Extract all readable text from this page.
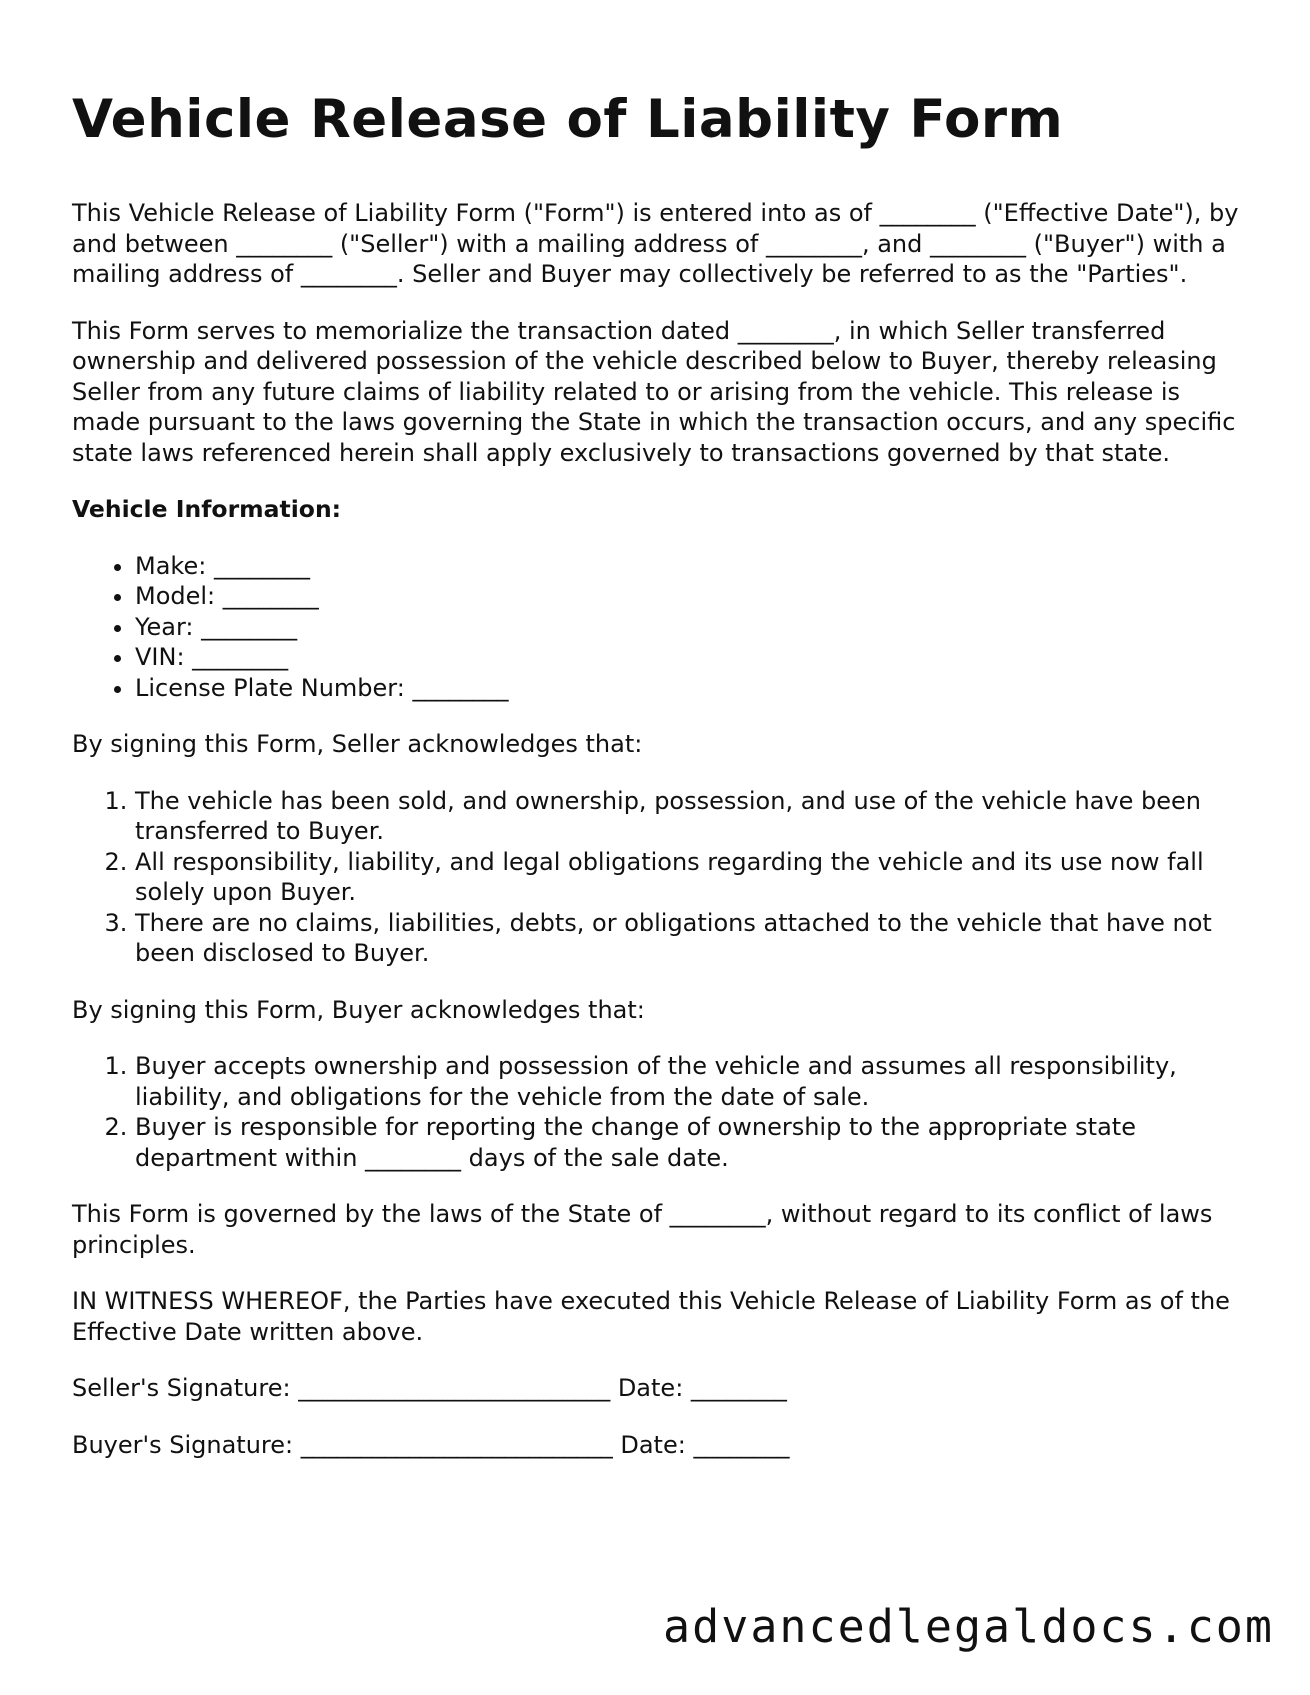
Vehicle Release of Liability Form

This Vehicle Release of Liability Form ("Form") is entered into as of ________ ("Effective Date"), by and between ________ ("Seller") with a mailing address of ________, and ________ ("Buyer") with a mailing address of ________. Seller and Buyer may collectively be referred to as the "Parties".

This Form serves to memorialize the transaction dated ________, in which Seller transferred ownership and delivered possession of the vehicle described below to Buyer, thereby releasing Seller from any future claims of liability related to or arising from the vehicle. This release is made pursuant to the laws governing the State in which the transaction occurs, and any specific state laws referenced herein shall apply exclusively to transactions governed by that state.

Vehicle Information:

• Make: ________
• Model: ________
• Year: ________
• VIN: ________
• License Plate Number: ________

By signing this Form, Seller acknowledges that:

1. The vehicle has been sold, and ownership, possession, and use of the vehicle have been transferred to Buyer.
2. All responsibility, liability, and legal obligations regarding the vehicle and its use now fall solely upon Buyer.
3. There are no claims, liabilities, debts, or obligations attached to the vehicle that have not been disclosed to Buyer.

By signing this Form, Buyer acknowledges that:

1. Buyer accepts ownership and possession of the vehicle and assumes all responsibility, liability, and obligations for the vehicle from the date of sale.
2. Buyer is responsible for reporting the change of ownership to the appropriate state department within ________ days of the sale date.

This Form is governed by the laws of the State of ________, without regard to its conflict of laws principles.

IN WITNESS WHEREOF, the Parties have executed this Vehicle Release of Liability Form as of the Effective Date written above.

Seller's Signature: __________________________ Date: ________

Buyer's Signature: __________________________ Date: ________

advancedlegaldocs.com
